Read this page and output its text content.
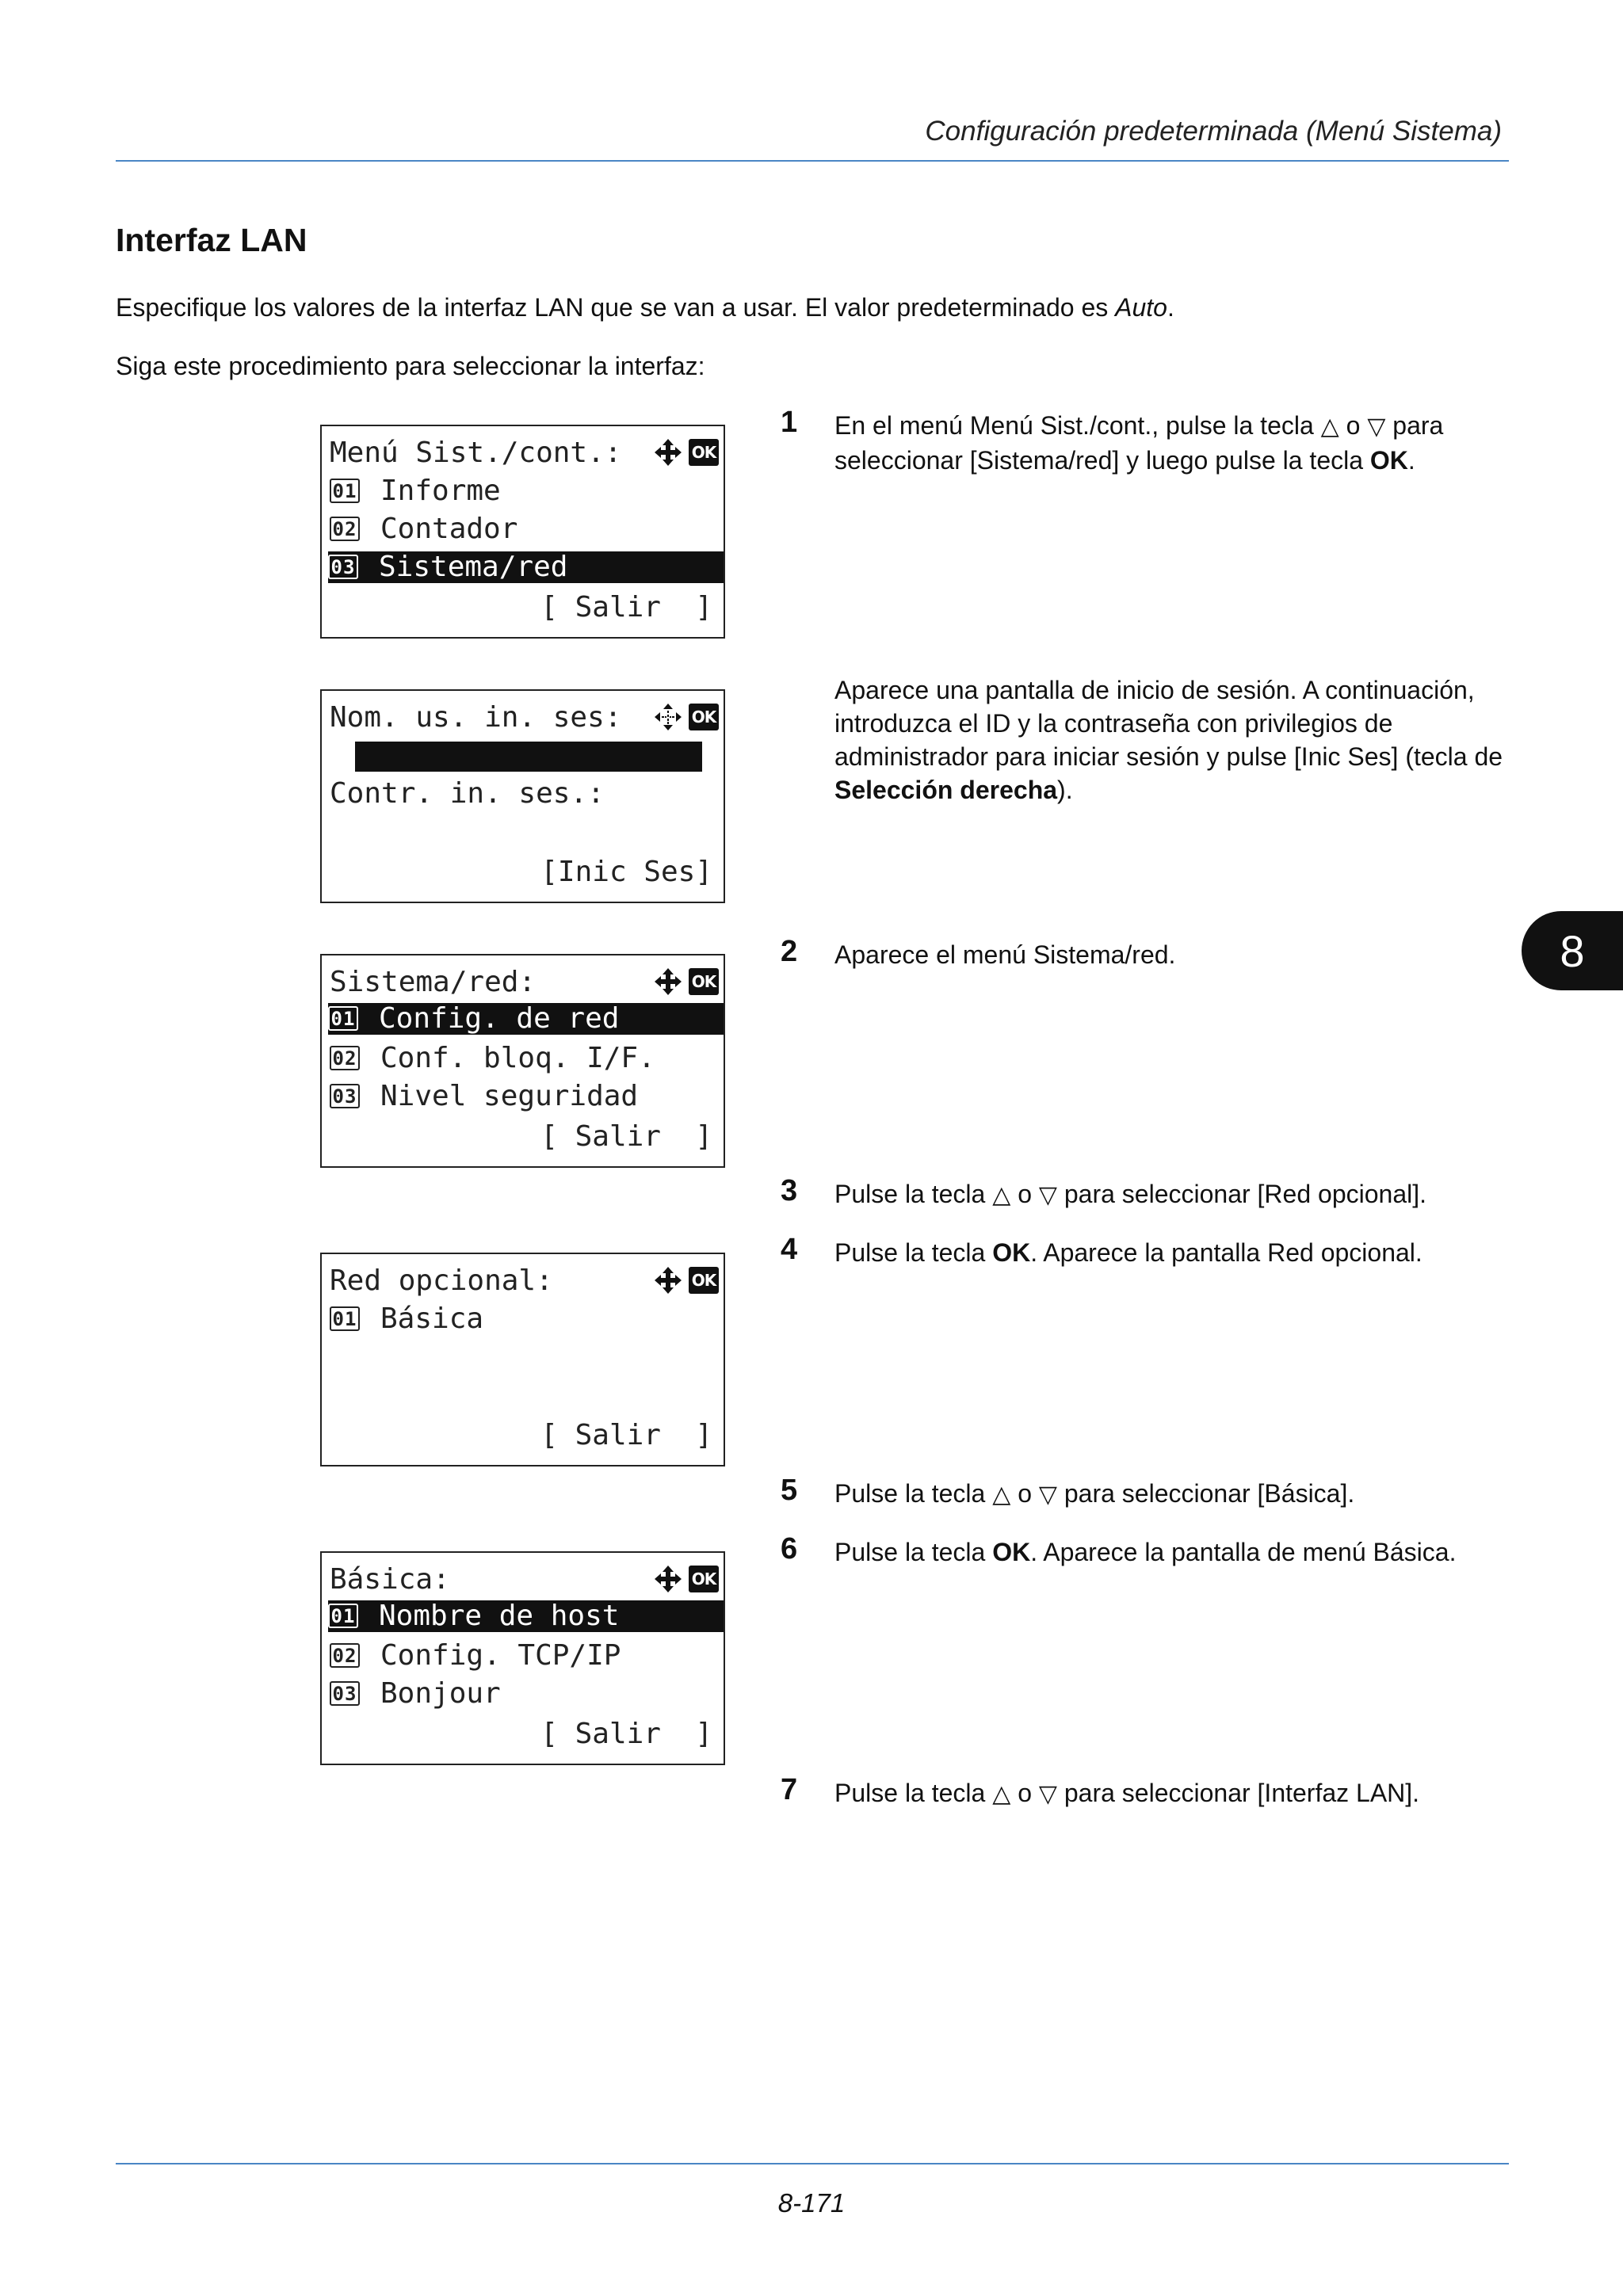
Configuración predeterminada (Menú Sistema)
Interfaz LAN
Especifique los valores de la interfaz LAN que se van a usar. El valor predeterminado es Auto.
Siga este procedimiento para seleccionar la interfaz:
Menú Sist./cont.:	OK
01 Informe
02 Contador
03 Sistema/red
[ Salir  ]
Nom. us. in. ses:	OK
Contr. in. ses.:
[Inic Ses]
Sistema/red:	OK
01 Config. de red
02 Conf. bloq. I/F.
03 Nivel seguridad
[ Salir  ]
Red opcional:	OK
01 Básica
[ Salir  ]
Básica:	OK
01 Nombre de host
02 Config. TCP/IP
03 Bonjour
[ Salir  ]
1 En el menú Menú Sist./cont., pulse la tecla △ o ▽ para seleccionar [Sistema/red] y luego pulse la tecla OK.
Aparece una pantalla de inicio de sesión. A continuación, introduzca el ID y la contraseña con privilegios de administrador para iniciar sesión y pulse [Inic Ses] (tecla de Selección derecha).
2 Aparece el menú Sistema/red.
3 Pulse la tecla △ o ▽ para seleccionar [Red opcional].
4 Pulse la tecla OK. Aparece la pantalla Red opcional.
5 Pulse la tecla △ o ▽ para seleccionar [Básica].
6 Pulse la tecla OK. Aparece la pantalla de menú Básica.
7 Pulse la tecla △ o ▽ para seleccionar [Interfaz LAN].
8
8-171
